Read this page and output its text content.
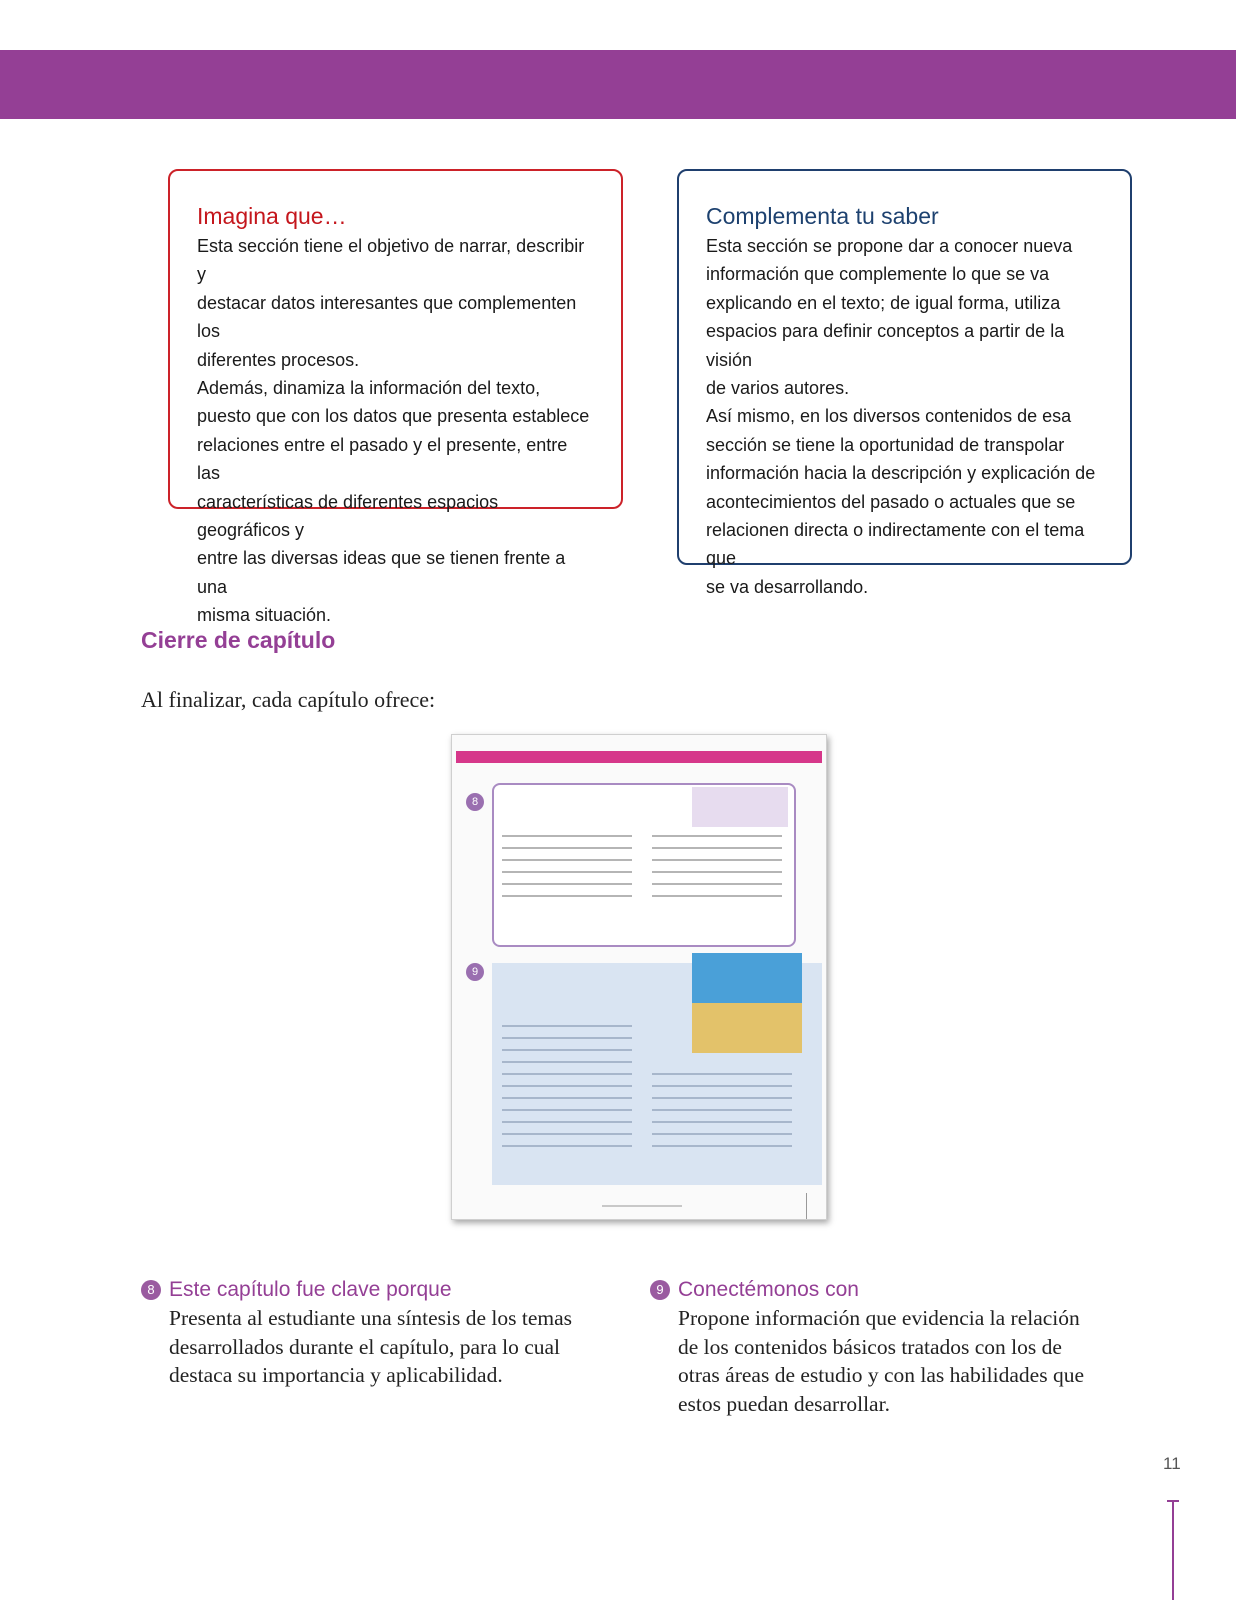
Imagina que…

Esta sección tiene el objetivo de narrar, describir y
destacar datos interesantes que complementen los
diferentes procesos.
Además, dinamiza la información del texto,
puesto que con los datos que presenta establece
relaciones entre el pasado y el presente, entre las
características de diferentes espacios geográficos y
entre las diversas ideas que se tienen frente a una
misma situación.

Complementa tu saber

Esta sección se propone dar a conocer nueva
información que complemente lo que se va
explicando en el texto; de igual forma, utiliza
espacios para definir conceptos a partir de la visión
de varios autores.
Así mismo, en los diversos contenidos de esa
sección se tiene la oportunidad de transpolar
información hacia la descripción y explicación de
acontecimientos del pasado o actuales que se
relacionen directa o indirectamente con el tema que
se va desarrollando.

Cierre de capítulo

Al finalizar, cada capítulo ofrece:

8
9
8 Este capítulo fue clave porque

Presenta al estudiante una síntesis de los temas
desarrollados durante el capítulo, para lo cual
destaca su importancia y aplicabilidad.

9 Conectémonos con

Propone información que evidencia la relación
de los contenidos básicos tratados con los de
otras áreas de estudio y con las habilidades que
estos puedan desarrollar.

11
